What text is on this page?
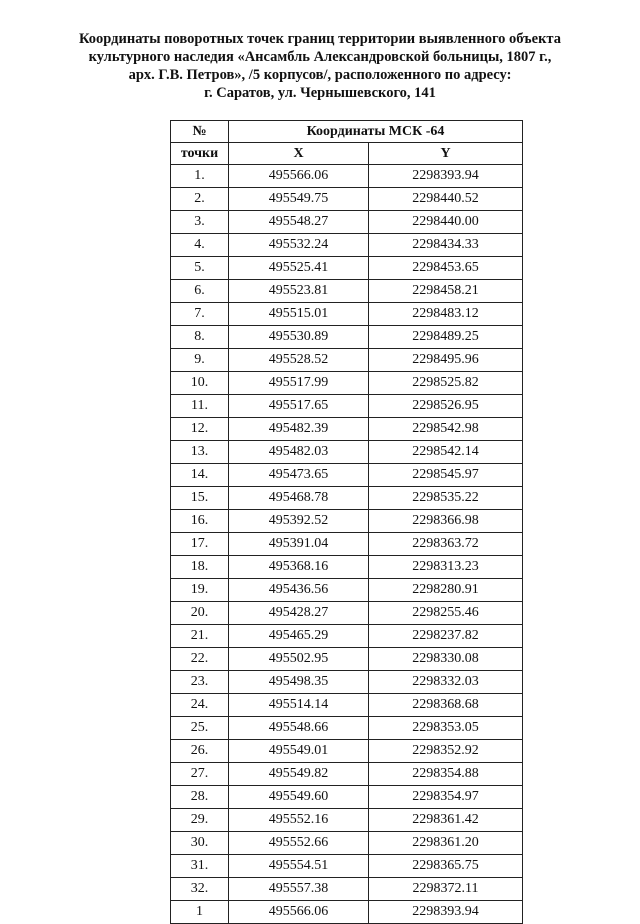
Координаты поворотных точек границ территории выявленного объекта
культурного наследия «Ансамбль Александровской больницы, 1807 г.,
арх. Г.В. Петров», /5 корпусов/, расположенного по адресу:
г. Саратов, ул. Чернышевского, 141
№	Координаты МСК -64	
точки	X	Y
1.	495566.06	2298393.94
2.	495549.75	2298440.52
3.	495548.27	2298440.00
4.	495532.24	2298434.33
5.	495525.41	2298453.65
6.	495523.81	2298458.21
7.	495515.01	2298483.12
8.	495530.89	2298489.25
9.	495528.52	2298495.96
10.	495517.99	2298525.82
11.	495517.65	2298526.95
12.	495482.39	2298542.98
13.	495482.03	2298542.14
14.	495473.65	2298545.97
15.	495468.78	2298535.22
16.	495392.52	2298366.98
17.	495391.04	2298363.72
18.	495368.16	2298313.23
19.	495436.56	2298280.91
20.	495428.27	2298255.46
21.	495465.29	2298237.82
22.	495502.95	2298330.08
23.	495498.35	2298332.03
24.	495514.14	2298368.68
25.	495548.66	2298353.05
26.	495549.01	2298352.92
27.	495549.82	2298354.88
28.	495549.60	2298354.97
29.	495552.16	2298361.42
30.	495552.66	2298361.20
31.	495554.51	2298365.75
32.	495557.38	2298372.11
1	495566.06	2298393.94
